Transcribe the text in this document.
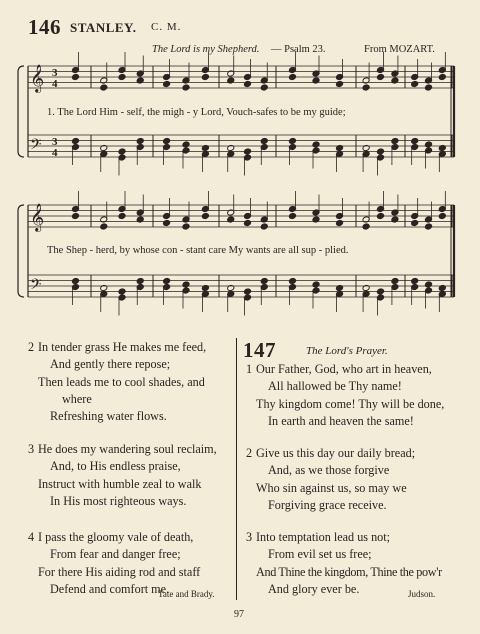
146 STANLEY. C. M.
The Lord is my Shepherd. — Psalm 23.	From MOZART.
𝄞
𝄢
3
3
4
4
𝄞
𝄢
1. The Lord Him - self, the migh - y Lord, Vouch-safes to be my guide;
The Shep - herd, by whose con - stant care My wants are all sup - plied.
2 In tender grass He makes me feed,
And gently there repose;
Then leads me to cool shades, and
where
Refreshing water flows.
3 He does my wandering soul reclaim,
And, to His endless praise,
Instruct with humble zeal to walk
In His most righteous ways.
4 I pass the gloomy vale of death,
From fear and danger free;
For there His aiding rod and staff
Defend and comfort me.
Tate and Brady.
147	The Lord's Prayer.
1 Our Father, God, who art in heaven,
All hallowed be Thy name!
Thy kingdom come! Thy will be done,
In earth and heaven the same!
2 Give us this day our daily bread;
And, as we those forgive
Who sin against us, so may we
Forgiving grace receive.
3 Into temptation lead us not;
From evil set us free;
And Thine the kingdom, Thine the pow'r
And glory ever be.	Judson.
97
